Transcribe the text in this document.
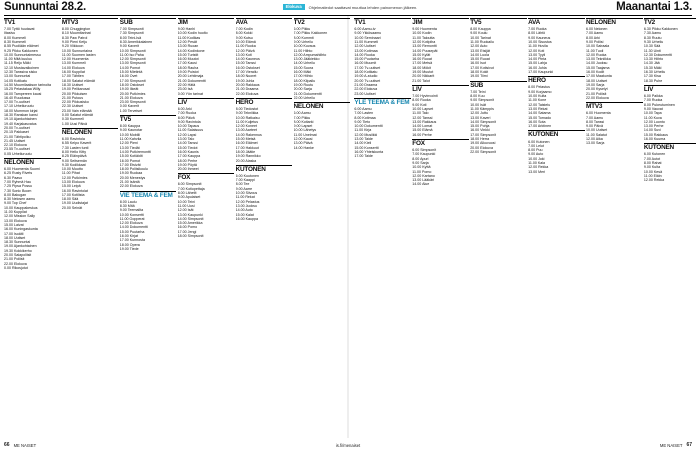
Sunnuntai 28.2.	Elokuva	Ohjelmatiedot saattavat muuttua lehden painomenon jälkeen.	Maanantai 1.3.
TV1
7.00 Tyttö huutavat
Iltasivu
8.00 Kummeli
8.30 Kummeli
8.55 Puoliään eläimet
9.25 Pikku Kakkonen
10.00 Sunnuntaimessu
11.00 Mitä kuuluu
11.15 Reijo Mäki
12.10 Mustavalkoinen
12.30 Tanssiva sisko
13.00 Sunnuntai
14.05 Kotikatu
14.50 Muumilaakson tarinoita
15.25 Pelastakaa Willy
16.00 Tampereen kausi
16.40 Ruudussa
17.00 Tv-uutiset
17.10 Urheiluruutu
18.00 Mummon kirjat
18.30 Ranskan kansi
19.10 Ajankohtainen
19.40 Karjakasvatus
20.00 Tv-uutiset
20.15 Pakkaset
21.00 Tähtipolku
21.45 Uutiset
22.10 Elokuva
23.55 Tv-uutiset
0.05 Urheiluruutu
NELONEN
6.00 Huomenta Suomi
6.25 Rusty Rivets
6.30 Paavo
7.00 Ryhmä Hau
7.25 Pipsa Possu
7.30 Sonic Boom
8.00 Bakugan
8.30 Nelosen aamu
9.00 Top Chef
10.00 Kauppakeskus
11.00 Kuppilat
12.00 Mission Sally
13.00 Elokuva
15.00 Laivat
16.00 Kuningaskunta
17.00 Isoäiti
18.00 Uutiset
18.30 Sunnuntai
19.00 Ajankohtainen
19.30 Kokkikerho
20.00 Salapoliisit
21.00 Poliisit
22.00 Elokuva
0.00 Rikosjutut
MTV3
8.00 Chuggington
8.10 Muumitarinat
8.30 Paw Patrol
9.00 Pieni Ketju
9.20 Viikkoon
10.00 Sunnuntaina
11.00 Suomen lasten
12.00 Huomenta
13.00 Kummeli
14.00 Elokuva
16.00 Kuppilat
17.00 Tähtien
18.00 Salatut elämät
18.30 Uutiset
19.00 Pelikarusat
20.00 Pikkuisen
21.00 Putous
22.00 Pikkusisko
22.30 Uutiset
23.00 Vain elämää
0.00 Salatut elämät
0.30 Kummeli
1.00 Uusi Päivä
NELONEN
6.00 Ravintola
6.55 Kelpo Kaverit
7.30 Lasten tunti
8.00 Hello Kitty
8.25 Eläinpäivä
9.00 Seitsemän
9.30 Kodikkaat
10.00 Muutto
11.00 Pihat
12.00 Putkimies
13.00 Elokuva
15.00 Leipä
16.00 Ravintolat
17.00 Kotilista
18.00 Sää
19.00 Uudistajat
20.00 Seinät
SUB
7.00 Simpsonit
7.30 Simpsonit
8.00 Teini-Isä
8.30 Amerikkalainen
9.00 Kaverit
10.00 Simpsonit
11.00 Iso Paha
12.00 Simpsonit
13.00 Simpsonit
14.00 Pomot
15.00 Mietintä
16.00 Ovet
17.00 Simpsonit
18.00 Ostokset
19.00 Ilkeät
20.00 Putkimies
21.00 Elokuva
23.00 Simpsonit
0.00 Kaverit
1.00 Terveiset
TV5
8.00 Kauppa
9.00 Kaunotar
10.00 Mobiili
11.00 Kahvila
12.00 Pieni
13.00 Tiedät
14.00 Putkiremontti
15.00 Kotiäidit
16.00 Pomot
17.00 Etsivät
18.00 Poliisikoulu
19.00 Ruokaa
20.00 Menestys
21.00 Isäntä
22.00 Elokuva
VIE TEEMA & FEM
8.00 Laulu
8.30 Mitä
9.00 Teemailta
10.00 Konsertti
11.00 Oopperat
12.00 Elokuva
14.00 Dokumentti
15.00 Puutarha
16.00 Kirjat
17.00 Kunnosta
18.00 Opera
19.00 Tiede
JIM
9.00 Hanhi
10.00 Kodin huolto
11.00 Kodikas
12.00 Pesät
13.00 Ruoan
14.00 Kodinkone
15.00 Turistit
16.00 Muutot
17.00 Kausi
18.00 Rauha
19.00 Puistot
20.00 Lehtimaja
21.00 Dokumentti
22.00 Hätä
23.00 Isä
0.00 Yön tarinat
LIV
6.00 Arki
7.00 Ruoka
8.00 Päivä
9.00 Ravintola
10.00 Tapaus
11.00 Salaisuus
12.00 Lapsi
13.00 Talo
14.00 Tanssi
15.00 Tiedot
16.00 Kaunis
17.00 Kauppa
18.00 Perhe
19.00 Pöytä
20.00 Ihmeet
FOX
6.00 Simpsonit
7.00 Kotiopettaja
8.00 Lähetit
9.00 Apulaiset
10.00 Teini
11.00 Uusi
12.00 Isät
13.00 Kaupunki
14.00 Simpsonit
15.00 Amerikka
16.00 Pomo
17.00 Jengi
18.00 Simpsonit
AVA
7.00 Kodin
8.00 Kokki
9.00 Kutsu
10.00 Elämä
11.00 Ruoka
12.00 Päivä
13.00 Koti
14.00 Kauneus
15.00 Tanssi
16.00 Ostokset
17.00 Vierailu
18.00 Nuoret
19.00 Juhla
20.00 Rakkaus
21.00 Draama
22.00 Elokuva
HERO
8.00 Tiedostot
9.00 Tekniikka
10.00 Ratkaisu
11.00 Kuljetus
12.00 Koneet
13.00 Aarteet
14.00 Rakennus
15.00 Metsä
16.00 Eläimet
17.00 Hakkuut
18.00 Jäätie
19.00 Rannikko
20.00 Alaska
KUTONEN
6.00 Kuutonen
7.00 Kaappi
8.00 Tee
9.00 Aarre
10.00 Siivous
11.00 Rekat
12.00 Pelastus
13.00 Juoksu
14.00 Auto
15.00 Kalat
16.00 Kauppa
TV2
6.00 Pikku
7.00 Pikku Kakkonen
8.00 Kummit
9.00 Urheilu
10.00 Kuvaus
11.00 Hiihto
12.00 Ampumahiihto
13.00 Jääkiekko
14.00 Urheilu
15.00 Suora
16.00 Mäki
17.00 Hiihto
18.00 Kilpailu
19.00 Ruutu
20.00 Sarja
21.00 Dokumentti
22.00 Urheilu
NELONEN
6.00 Aamu
7.00 Pikku
8.00 Kotiarki
9.00 Lapset
10.00 Lähetys
11.00 Unelmat
12.00 Kausi
13.00 Päivä
14.00 Hanke
TV1
6.00 Aamu-tv
9.00 Ykkösaamu
10.00 Seminaari
11.00 Kummeli
12.00 Uutiset
13.00 Kotimaa
14.00 Ruoka
15.00 Puutarha
16.00 Muumit
17.00 Tv-uutiset
18.00 Kotikatu
19.00 A-studio
20.00 Tv-uutiset
21.00 Draama
22.00 Elokuva
23.00 Uutiset
YLE TEEMA & FEM
6.00 Aamu
7.00 Lasten
8.00 Kotimaa
9.00 Tieto
10.00 Dokumentti
11.00 Kirja
12.00 Musiikki
13.00 Taide
14.00 Kieli
15.00 Konsertti
16.00 Yhteiskunta
17.00 Taide
JIM
9.00 Huomenta
10.00 Kodin
11.00 Taloutta
12.00 Kotipiha
13.00 Remontti
14.00 Puusepät
15.00 Kylät
16.00 Ruoat
17.00 Metsä
18.00 Mökit
19.00 Muutot
20.00 Nikkarit
21.00 Talot
LIV
7.00 Hyvinvointi
8.00 Ruoka
9.00 Koti
10.00 Lapset
11.00 Talo
12.00 Tanssi
13.00 Rakkaus
14.00 Lomat
15.00 Elämä
16.00 Perhe
FOX
6.00 Simpsonit
7.00 Kaupunki
8.00 Apuri
9.00 Sarja
10.00 Kyttä
11.00 Pomo
12.00 Kartano
13.00 Lääkäri
14.00 Alue
TV5
8.00 Kauppa
9.00 Koulu
10.00 Tarinat
11.00 Ruokailu
12.00 Auto
13.00 Etsijät
14.00 Luola
15.00 Ruoat
16.00 Isot
17.00 Kotisivut
18.00 Kokit
19.00 Tiimi
SUB
7.00 Teini
8.00 Kuu
9.00 Simpsonit
10.00 Isät
11.00 Kämppis
12.00 Juttu
13.00 Kaveri
14.00 Simpsonit
15.00 Pohja
16.00 Vinkki
17.00 Simpsonit
18.00 Herra
19.00 Alkuvuosi
20.00 Elokuva
22.00 Simpsonit
AVA
7.00 Ruoka
8.00 Lähtö
9.00 Kauneus
10.00 Sisustus
11.00 Huvila
12.00 Koti
13.00 Tyyli
14.00 Pinta
15.00 Lahja
16.00 Juhla
17.00 Kaupunki
HERO
8.00 Pelastus
9.00 Korjaamo
10.00 Kulta
11.00 Kone
12.00 Taistelu
13.00 Rekat
14.00 Satama
15.00 Tornado
16.00 Sota
17.00 Arktinen
KUTONEN
6.00 Kutonen
7.00 Lelut
8.00 Puu
9.00 Auto
10.00 Joki
11.00 Kala
12.00 Rekka
13.00 Meri
NELONEN
6.00 Nelonen
7.00 Aamu
8.00 Arki
9.00 Poliisi
10.00 Sairaala
11.00 Tuoli
12.00 Ruoka
13.00 Tekniikka
14.00 Juoksu
15.00 Taajama
16.00 Kodit
17.00 Maakunta
18.00 Uutiset
19.00 Sarja
20.00 Kyselyt
21.00 Poliisit
22.00 Elokuva
MTV3
6.00 Huomenta
7.00 Aamu
8.00 Tanssi
9.00 Päivä
10.00 Uutiset
11.00 Salatut
12.00 Aika
13.00 Sarja
TV2
6.30 Pikku Kakkonen
7.30 Aamu
8.30 Ruutu
9.30 Urheilu
10.30 Sää
11.30 Uinti
12.30 Dokumentti
13.30 Hiihto
14.30 Jää
15.30 Mäki
16.30 Urheilu
17.30 Kisa
18.30 Puhe
LIV
6.00 Paikka
7.00 Ruoka
8.00 Pukeutuminen
9.00 Vauvat
10.00 Tapa
11.00 Kuva
12.00 Luonto
13.00 Perhe
14.00 Suvi
15.00 Rakkaus
16.00 Kuuma
KUTONEN
6.00 Kutonen
7.00 Autot
8.00 Rahat
9.00 Kulta
10.00 Kesä
11.00 Eläin
12.00 Rekka
66 ME NAISET	is.fi/menaiset	ME NAISET 67
